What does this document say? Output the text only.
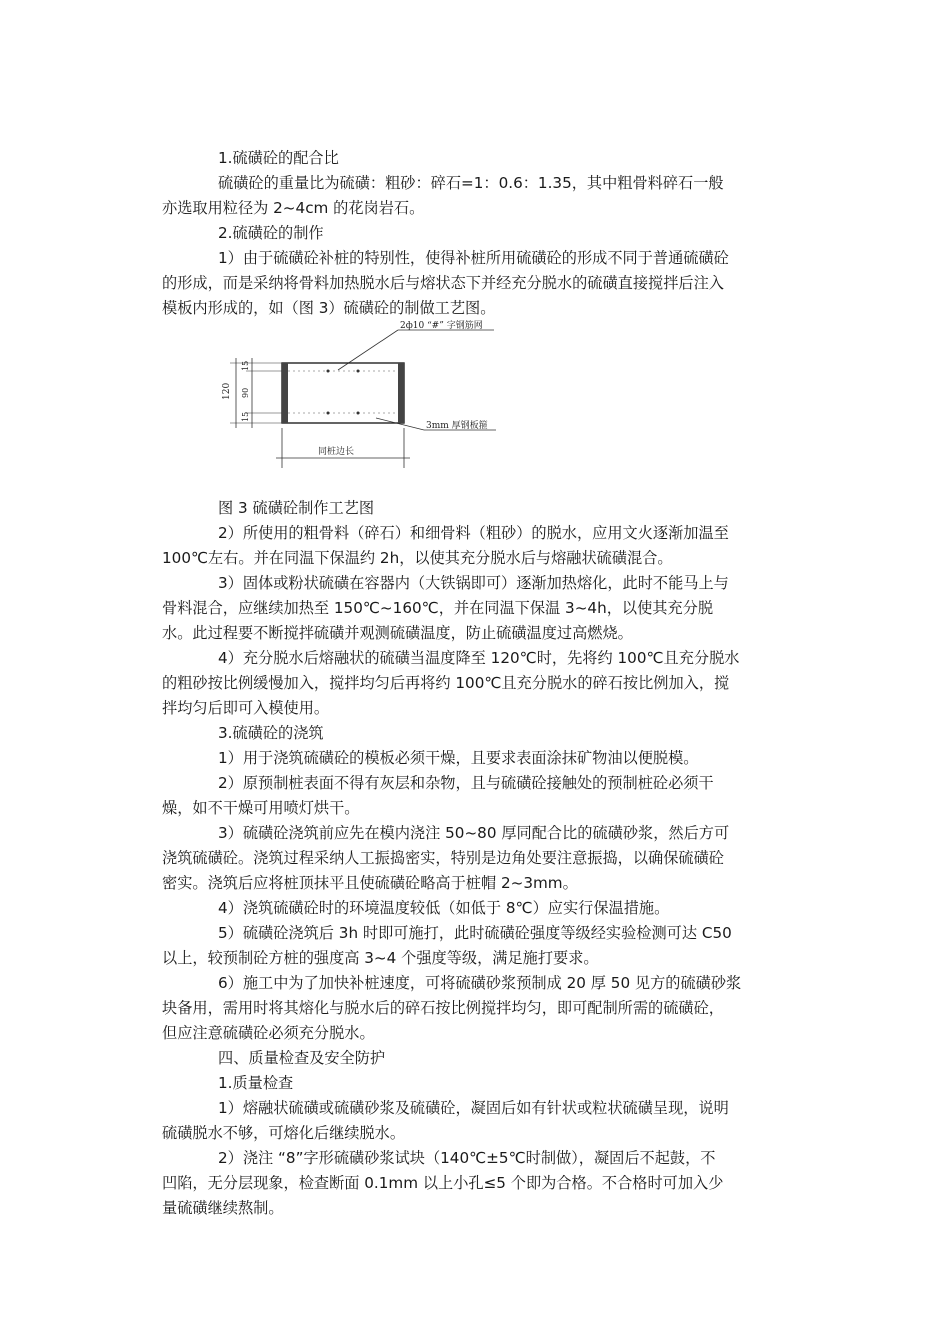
1.硫磺砼的配合比
硫磺砼的重量比为硫磺：粗砂：碎石=1：0.6：1.35，其中粗骨料碎石一般
亦选取用粒径为 2~4cm 的花岗岩石。
2.硫磺砼的制作
1）由于硫磺砼补桩的特别性，使得补桩所用硫磺砼的形成不同于普通硫磺砼
的形成，而是采纳将骨料加热脱水后与熔状态下并经充分脱水的硫磺直接搅拌后注入
模板内形成的，如（图 3）硫磺砼的制做工艺图。
2ф10 “#” 字钢筋网
120
15
90
15
3mm 厚钢板箍
同桩边长
图 3 硫磺砼制作工艺图
2）所使用的粗骨料（碎石）和细骨料（粗砂）的脱水，应用文火逐渐加温至
100℃左右。并在同温下保温约 2h，以使其充分脱水后与熔融状硫磺混合。
3）固体或粉状硫磺在容器内（大铁锅即可）逐渐加热熔化，此时不能马上与
骨料混合，应继续加热至 150℃~160℃，并在同温下保温 3~4h，以使其充分脱
水。此过程要不断搅拌硫磺并观测硫磺温度，防止硫磺温度过高燃烧。
4）充分脱水后熔融状的硫磺当温度降至 120℃时，先将约 100℃且充分脱水
的粗砂按比例缓慢加入，搅拌均匀后再将约 100℃且充分脱水的碎石按比例加入，搅
拌均匀后即可入模使用。
3.硫磺砼的浇筑
1）用于浇筑硫磺砼的模板必须干燥，且要求表面涂抹矿物油以便脱模。
2）原预制桩表面不得有灰层和杂物，且与硫磺砼接触处的预制桩砼必须干
燥，如不干燥可用喷灯烘干。
3）硫磺砼浇筑前应先在模内浇注 50~80 厚同配合比的硫磺砂浆，然后方可
浇筑硫磺砼。浇筑过程采纳人工振捣密实，特别是边角处要注意振捣，以确保硫磺砼
密实。浇筑后应将桩顶抹平且使硫磺砼略高于桩帽 2~3mm。
4）浇筑硫磺砼时的环境温度较低（如低于 8℃）应实行保温措施。
5）硫磺砼浇筑后 3h 时即可施打，此时硫磺砼强度等级经实验检测可达 C50
以上，较预制砼方桩的强度高 3~4 个强度等级，满足施打要求。
6）施工中为了加快补桩速度，可将硫磺砂浆预制成 20 厚 50 见方的硫磺砂浆
块备用，需用时将其熔化与脱水后的碎石按比例搅拌均匀，即可配制所需的硫磺砼，
但应注意硫磺砼必须充分脱水。
四、质量检查及安全防护
1.质量检查
1）熔融状硫磺或硫磺砂浆及硫磺砼，凝固后如有针状或粒状硫磺呈现，说明
硫磺脱水不够，可熔化后继续脱水。
2）浇注 “8”字形硫磺砂浆试块（140℃±5℃时制做），凝固后不起鼓，不
凹陷，无分层现象，检查断面 0.1mm 以上小孔≤5 个即为合格。不合格时可加入少
量硫磺继续熬制。
